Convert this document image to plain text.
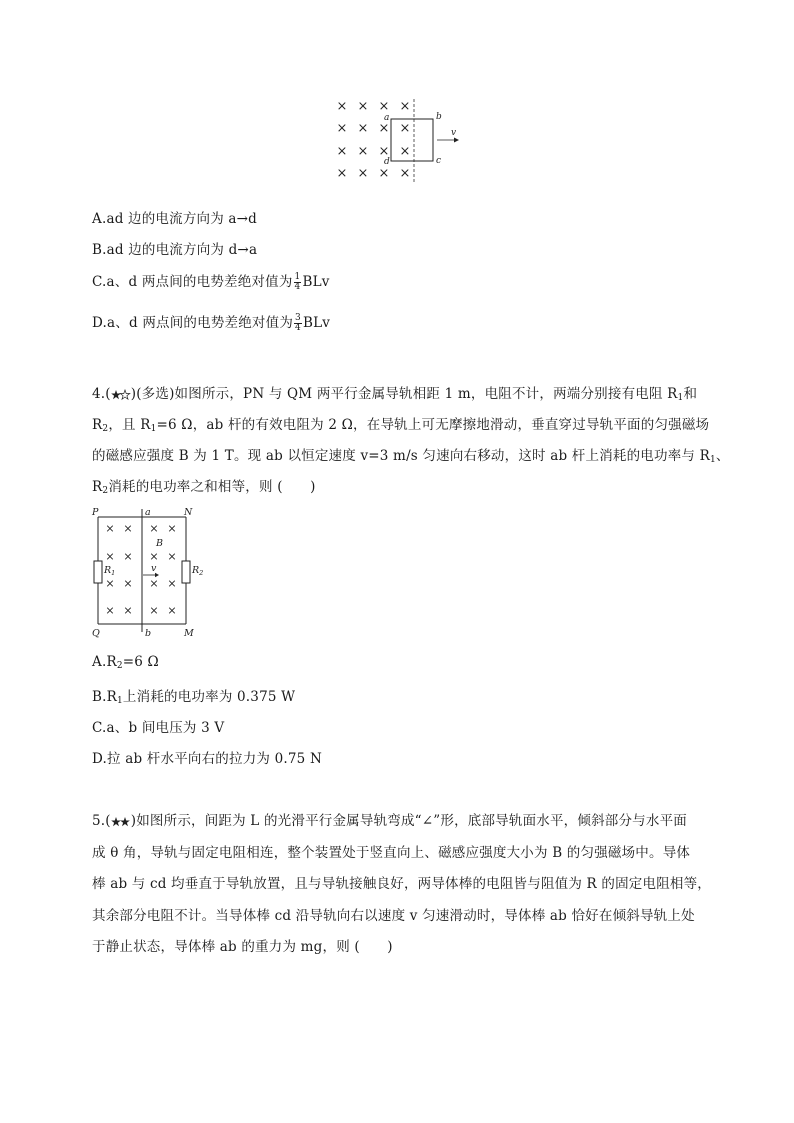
× × × ×
× × × ×
× × × ×
× × × ×
a	b
c
d
v
A.ad 边的电流方向为 a→d
B.ad 边的电流方向为 d→a
C.a、d 两点间的电势差绝对值为 $\frac{1}{4}$ BLv
D.a、d 两点间的电势差绝对值为 $\frac{3}{4}$ BLv
4.( )(多选)如图所示，PN 与 QM 两平行金属导轨相距 1 m，电阻不计，两端分别接有电阻 $R_1$和
$R_2$，且 $R_1=6$ Ω，ab 杆的有效电阻为 2 Ω，在导轨上可无摩擦地滑动，垂直穿过导轨平面的匀强磁场
的磁感应强度 B 为 1 T。现 ab 以恒定速度 v=3 m/s 匀速向右移动，这时 ab 杆上消耗的电功率与 $R_1$、
$R_2$消耗的电功率之和相等，则 (　　)
× × × ×
× × × ×
× × × ×
× × × ×
P	N
Q	M
a
b
B
v
$R_1$	$R_2$
$A.R_2=6$ Ω
$B.R_1$上消耗的电功率为 0.375 W
C.a、b 间电压为 3 V
D.拉 ab 杆水平向右的拉力为 0.75 N
5.( )如图所示，间距为 L 的光滑平行金属导轨弯成“∠”形，底部导轨面水平，倾斜部分与水平面
成 θ 角，导轨与固定电阻相连，整个装置处于竖直向上、磁感应强度大小为 B 的匀强磁场中。导体
棒 ab 与 cd 均垂直于导轨放置，且与导轨接触良好，两导体棒的电阻皆与阻值为 R 的固定电阻相等，
其余部分电阻不计。当导体棒 cd 沿导轨向右以速度 v 匀速滑动时，导体棒 ab 恰好在倾斜导轨上处
于静止状态，导体棒 ab 的重力为 mg，则 (　　)
